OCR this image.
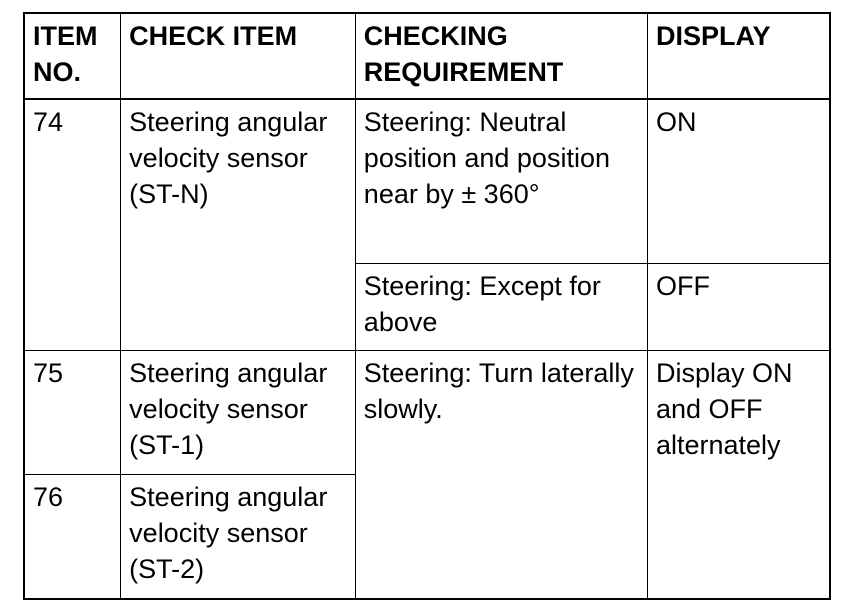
ITEM NO.	CHECK ITEM	CHECKING REQUIREMENT	DISPLAY
74	Steering angular velocity sensor (ST-N)	Steering: Neutral position and position near by ± 360°	ON
		Steering: Except for above	OFF
75	Steering angular velocity sensor (ST-1)	Steering: Turn laterally slowly.	Display ON and OFF alternately
76	Steering angular velocity sensor (ST-2)		
